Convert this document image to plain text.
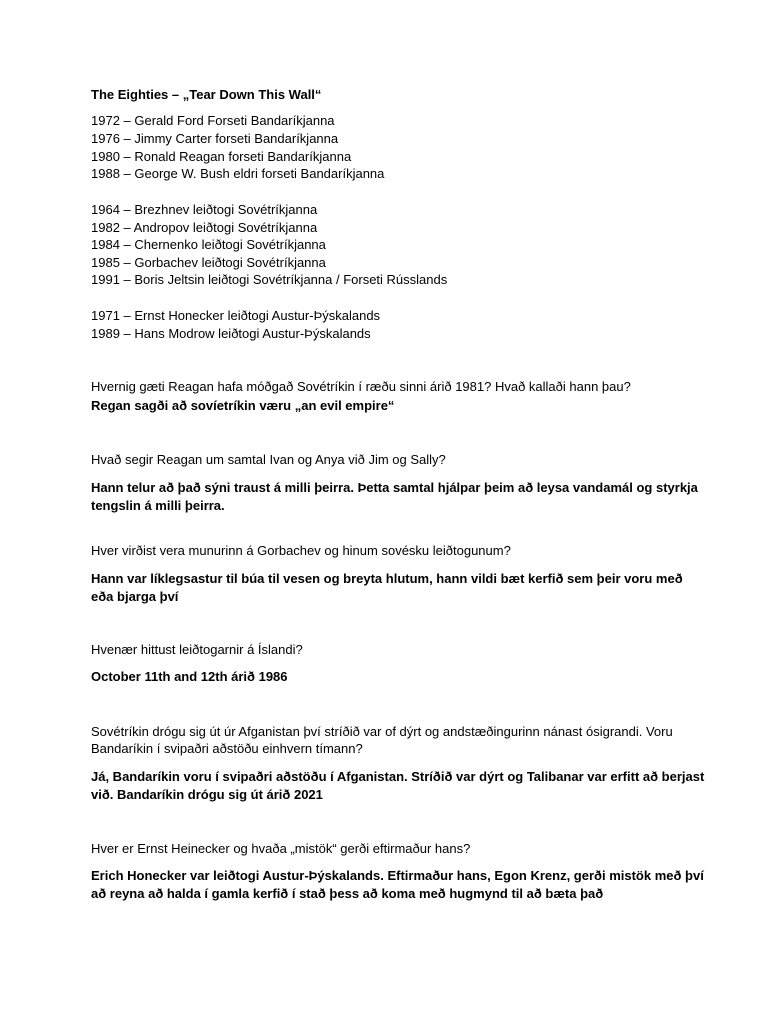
The Eighties – „Tear Down This Wall“

1972 – Gerald Ford Forseti Bandaríkjanna

1976 – Jimmy Carter forseti Bandaríkjanna

1980 – Ronald Reagan forseti Bandaríkjanna

1988 – George W. Bush eldri forseti Bandaríkjanna

1964 – Brezhnev leiðtogi Sovétríkjanna

1982 – Andropov leiðtogi Sovétríkjanna

1984 – Chernenko leiðtogi Sovétríkjanna

1985 – Gorbachev leiðtogi Sovétríkjanna

1991 – Boris Jeltsin leiðtogi Sovétríkjanna / Forseti Rússlands

1971 – Ernst Honecker leiðtogi Austur-Þýskalands

1989 – Hans Modrow leiðtogi Austur-Þýskalands

Hvernig gæti Reagan hafa móðgað Sovétríkin í ræðu sinni árið 1981? Hvað kallaði hann þau?

Regan sagði að sovíetríkin væru „an evil empire“

Hvað segir Reagan um samtal Ivan og Anya við Jim og Sally?

Hann telur að það sýni traust á milli þeirra. Þetta samtal hjálpar þeim að leysa vandamál og styrkja

tengslin á milli þeirra.

Hver virðist vera munurinn á Gorbachev og hinum sovésku leiðtogunum?

Hann var líklegsastur til búa til vesen og breyta hlutum, hann vildi bæt kerfið sem þeir voru með

eða bjarga því

Hvenær hittust leiðtogarnir á Íslandi?

October 11th and 12th árið 1986

Sovétríkin drógu sig út úr Afganistan því stríðið var of dýrt og andstæðingurinn nánast ósigrandi. Voru

Bandaríkin í svipaðri aðstöðu einhvern tímann?

Já, Bandaríkin voru í svipaðri aðstöðu í Afganistan. Stríðið var dýrt og Talibanar var erfitt að berjast

við. Bandaríkin drógu sig út árið 2021

Hver er Ernst Heinecker og hvaða „mistök“ gerði eftirmaður hans?

Erich Honecker var leiðtogi Austur-Þýskalands. Eftirmaður hans, Egon Krenz, gerði mistök með því

að reyna að halda í gamla kerfið í stað þess að koma með hugmynd til að bæta það
